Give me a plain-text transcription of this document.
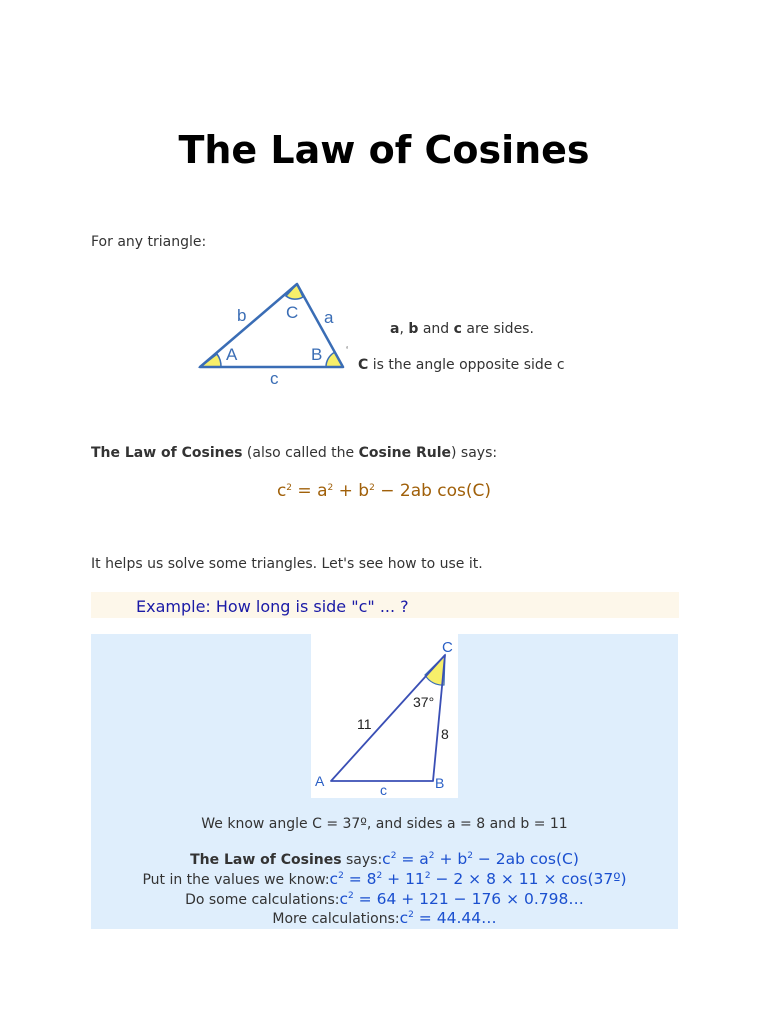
The Law of Cosines

For any triangle:

b C a
A	B
c
‘
a, b and c are sides.
C is the angle opposite side c

The Law of Cosines (also called the Cosine Rule) says:

$c^2 = a^2 + b^2 - 2ab$ cos(C)

It helps us solve some triangles. Let's see how to use it.

Example: How long is side "c" ... ?
C
37°
11
8
A	B
c
We know angle C = 37º, and sides a = 8 and b = 11
The Law of Cosines $says:c^2 = a^2 + b^2 - 2ab$ cos(C)
Put in the values we $know:c^2 = 8^2 + 11^2 - 2 \times 8 \times 11$ × cos(37º)
Do some $calculations:c^2 = 64 + 121 - 176$ × 0.798…
More $calculations:c^2$ = 44.44…
